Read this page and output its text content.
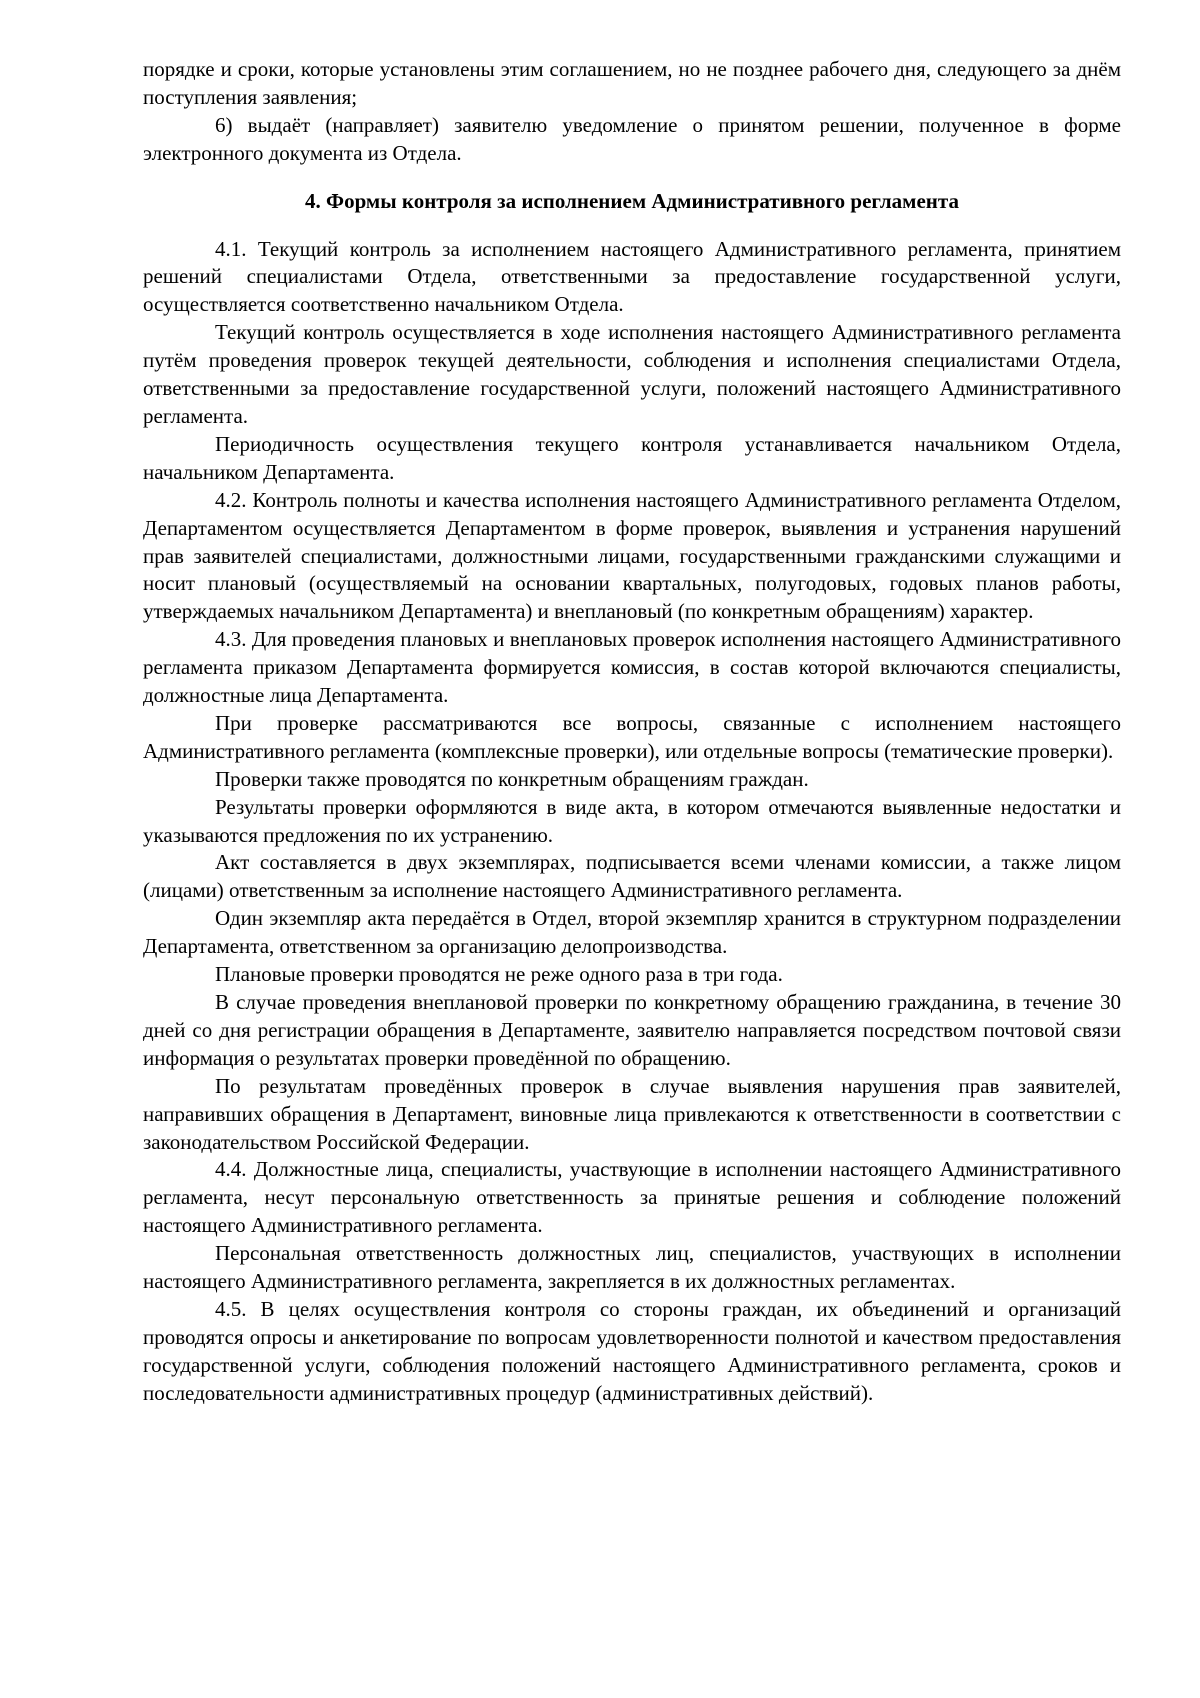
порядке и сроки, которые установлены этим соглашением, но не позднее рабочего дня, следующего за днём поступления заявления;

6) выдаёт (направляет) заявителю уведомление о принятом решении, полученное в форме электронного документа из Отдела.

4. Формы контроля за исполнением Административного регламента

4.1. Текущий контроль за исполнением настоящего Административного регламента, принятием решений специалистами Отдела, ответственными за предоставление государственной услуги, осуществляется соответственно начальником Отдела.

Текущий контроль осуществляется в ходе исполнения настоящего Административного регламента путём проведения проверок текущей деятельности, соблюдения и исполнения специалистами Отдела, ответственными за предоставление государственной услуги, положений настоящего Административного регламента.

Периодичность осуществления текущего контроля устанавливается начальником Отдела, начальником Департамента.

4.2. Контроль полноты и качества исполнения настоящего Административного регламента Отделом, Департаментом осуществляется Департаментом в форме проверок, выявления и устранения нарушений прав заявителей специалистами, должностными лицами, государственными гражданскими служащими и носит плановый (осуществляемый на основании квартальных, полугодовых, годовых планов работы, утверждаемых начальником Департамента) и внеплановый (по конкретным обращениям) характер.

4.3. Для проведения плановых и внеплановых проверок исполнения настоящего Административного регламента приказом Департамента формируется комиссия, в состав которой включаются специалисты, должностные лица Департамента.

При проверке рассматриваются все вопросы, связанные с исполнением настоящего Административного регламента (комплексные проверки), или отдельные вопросы (тематические проверки).

Проверки также проводятся по конкретным обращениям граждан.

Результаты проверки оформляются в виде акта, в котором отмечаются выявленные недостатки и указываются предложения по их устранению.

Акт составляется в двух экземплярах, подписывается всеми членами комиссии, а также лицом (лицами) ответственным за исполнение настоящего Административного регламента.

Один экземпляр акта передаётся в Отдел, второй экземпляр хранится в структурном подразделении Департамента, ответственном за организацию делопроизводства.

Плановые проверки проводятся не реже одного раза в три года.

В случае проведения внеплановой проверки по конкретному обращению гражданина, в течение 30 дней со дня регистрации обращения в Департаменте, заявителю направляется посредством почтовой связи информация о результатах проверки проведённой по обращению.

По результатам проведённых проверок в случае выявления нарушения прав заявителей, направивших обращения в Департамент, виновные лица привлекаются к ответственности в соответствии с законодательством Российской Федерации.

4.4. Должностные лица, специалисты, участвующие в исполнении настоящего Административного регламента, несут персональную ответственность за принятые решения и соблюдение положений настоящего Административного регламента.

Персональная ответственность должностных лиц, специалистов, участвующих в исполнении настоящего Административного регламента, закрепляется в их должностных регламентах.

4.5. В целях осуществления контроля со стороны граждан, их объединений и организаций проводятся опросы и анкетирование по вопросам удовлетворенности полнотой и качеством предоставления государственной услуги, соблюдения положений настоящего Административного регламента, сроков и последовательности административных процедур (административных действий).
